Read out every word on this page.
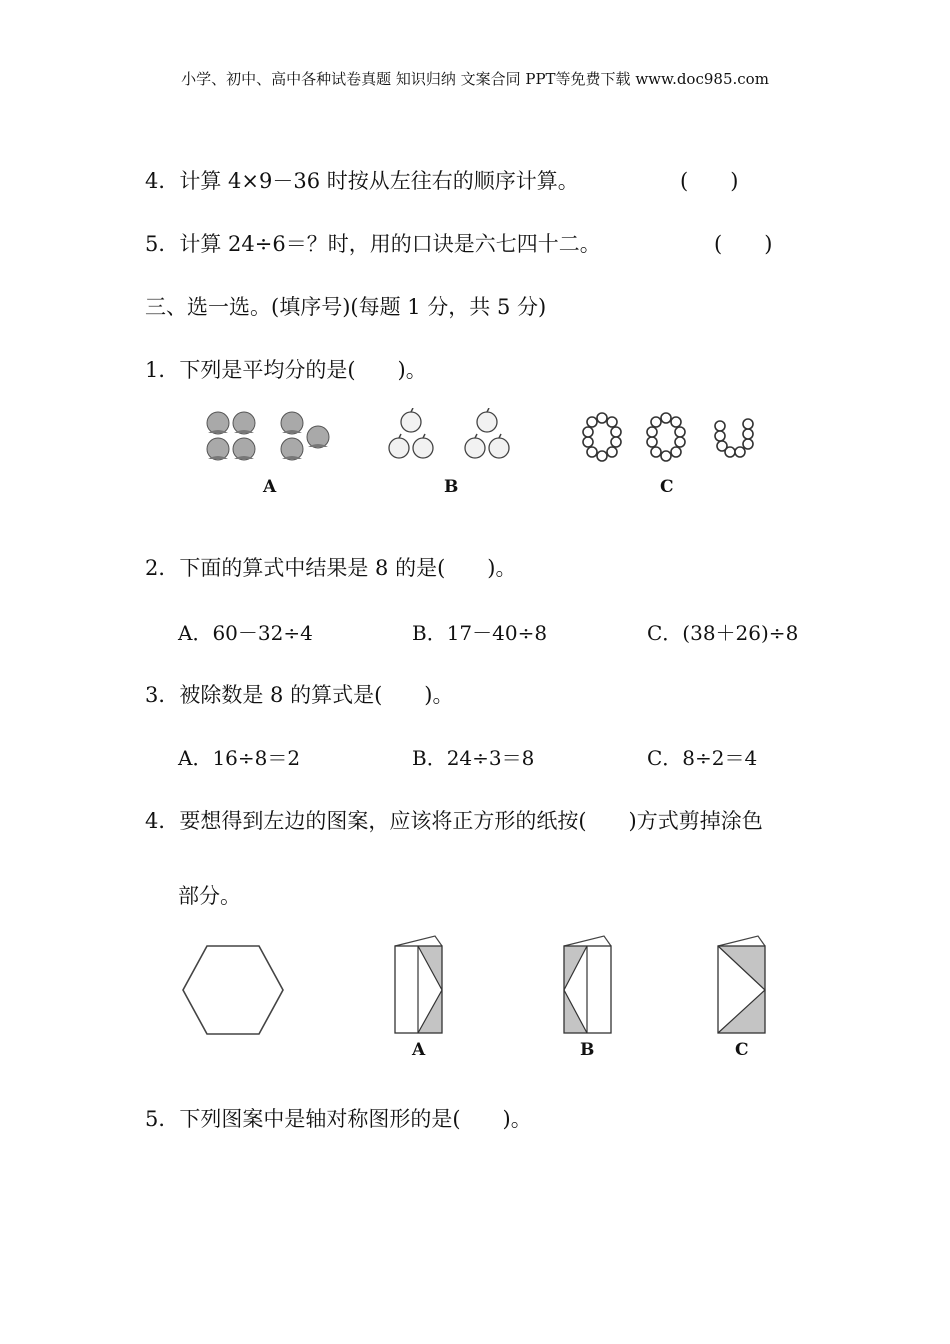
小学、初中、高中各种试卷真题 知识归纳 文案合同 PPT等免费下载 www.doc985.com
4．计算 4×9－36 时按从左往右的顺序计算。	(　　)
5．计算 24÷6＝？时，用的口诀是六七四十二。	(　　)
三、选一选。(填序号)(每题 1 分，共 5 分)
1．下列是平均分的是(　　)。
A	B	C
2．下面的算式中结果是 8 的是(　　)。
A．60－32÷4	B．17－40÷8	C．(38＋26)÷8
3．被除数是 8 的算式是(　　)。
A．16÷8＝2	B．24÷3＝8	C．8÷2＝4
4．要想得到左边的图案，应该将正方形的纸按(　　)方式剪掉涂色
部分。
A	B	C
5．下列图案中是轴对称图形的是(　　)。
